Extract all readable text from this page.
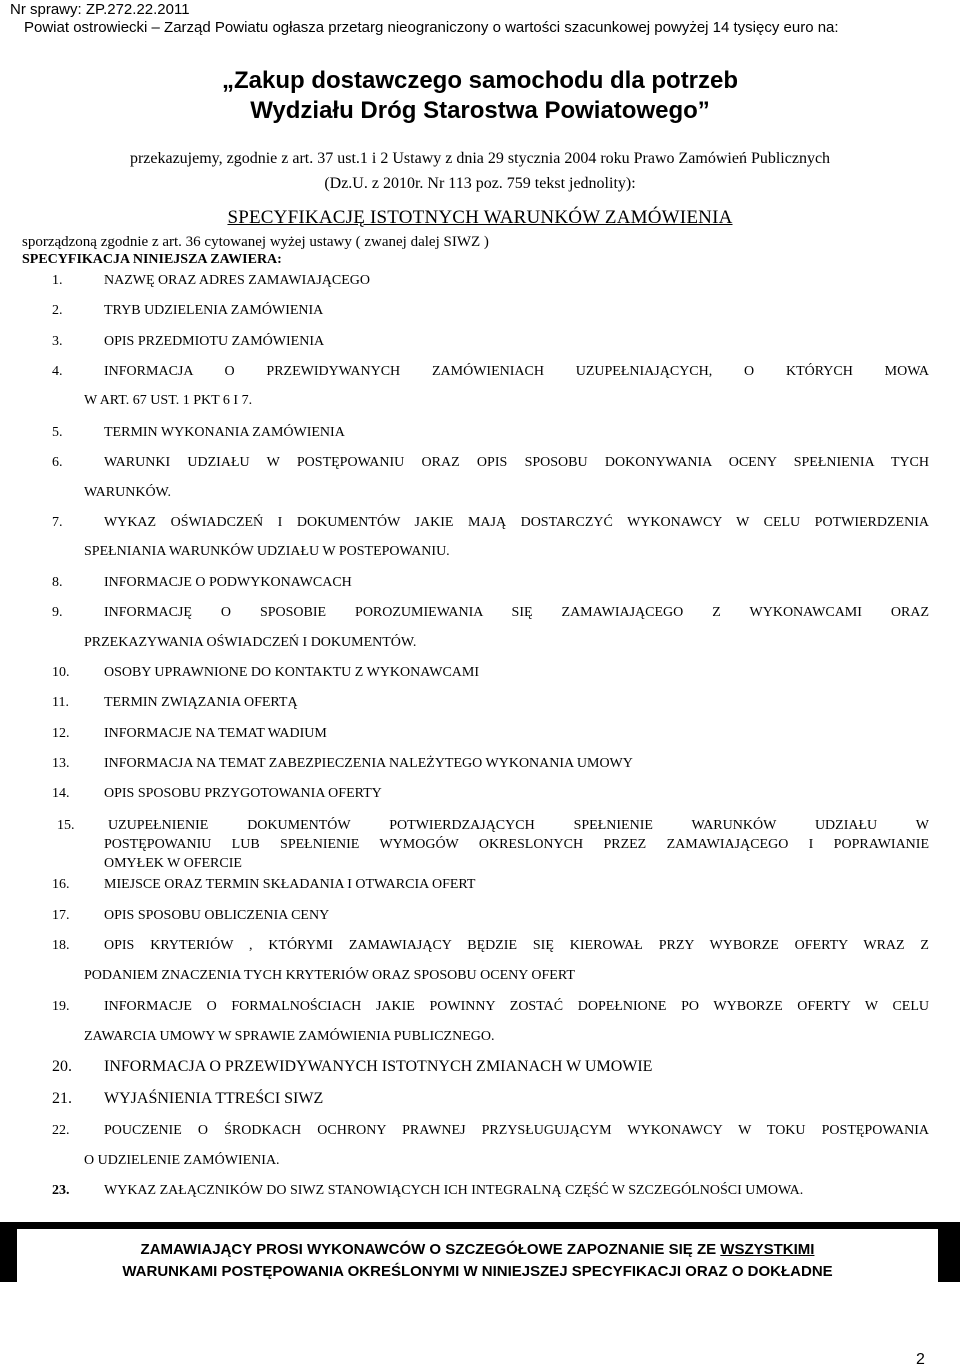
Nr sprawy: ZP.272.22.2011
Powiat ostrowiecki – Zarząd Powiatu ogłasza przetarg nieograniczony o wartości szacunkowej powyżej 14 tysięcy euro na:
„Zakup dostawczego samochodu dla potrzeb
Wydziału Dróg Starostwa Powiatowego”
przekazujemy, zgodnie z art. 37 ust.1 i 2 Ustawy z dnia 29 stycznia 2004 roku Prawo Zamówień Publicznych
(Dz.U. z 2010r. Nr 113 poz. 759 tekst jednolity):
SPECYFIKACJĘ ISTOTNYCH WARUNKÓW ZAMÓWIENIA
sporządzoną zgodnie z art. 36 cytowanej wyżej ustawy ( zwanej dalej SIWZ )
SPECYFIKACJA NINIEJSZA ZAWIERA:
1.	NAZWĘ ORAZ ADRES ZAMAWIAJĄCEGO
2.	TRYB UDZIELENIA ZAMÓWIENIA
3.	OPIS PRZEDMIOTU ZAMÓWIENIA
4.	INFORMACJA O PRZEWIDYWANYCH ZAMÓWIENIACH UZUPEŁNIAJĄCYCH, O KTÓRYCH MOWA
W ART. 67 UST. 1 PKT 6 I 7.
5.	TERMIN WYKONANIA ZAMÓWIENIA
6.	WARUNKI UDZIAŁU W POSTĘPOWANIU ORAZ OPIS SPOSOBU DOKONYWANIA OCENY SPEŁNIENIA TYCH
WARUNKÓW.
7.	WYKAZ OŚWIADCZEŃ I DOKUMENTÓW JAKIE MAJĄ DOSTARCZYĆ WYKONAWCY W CELU POTWIERDZENIA
SPEŁNIANIA WARUNKÓW UDZIAŁU W POSTEPOWANIU.
8.	INFORMACJE O PODWYKONAWCACH
9.	INFORMACJĘ O SPOSOBIE POROZUMIEWANIA SIĘ ZAMAWIAJĄCEGO Z WYKONAWCAMI ORAZ
PRZEKAZYWANIA OŚWIADCZEŃ I DOKUMENTÓW.
10. OSOBY UPRAWNIONE DO KONTAKTU Z WYKONAWCAMI
11.	TERMIN ZWIĄZANIA OFERTĄ
12. INFORMACJE NA TEMAT WADIUM
13. INFORMACJA NA TEMAT ZABEZPIECZENIA NALEŻYTEGO WYKONANIA UMOWY
14. OPIS SPOSOBU PRZYGOTOWANIA OFERTY
15. UZUPEŁNIENIE DOKUMENTÓW POTWIERDZAJĄCYCH SPEŁNIENIE WARUNKÓW UDZIAŁU W
POSTĘPOWANIU LUB SPEŁNIENIE WYMOGÓW OKRESLONYCH PRZEZ ZAMAWIAJĄCEGO I POPRAWIANIE
OMYŁEK W OFERCIE
16. MIEJSCE ORAZ TERMIN SKŁADANIA I OTWARCIA OFERT
17. OPIS SPOSOBU OBLICZENIA CENY
18. OPIS KRYTERIÓW , KTÓRYMI ZAMAWIAJĄCY BĘDZIE SIĘ KIEROWAŁ PRZY WYBORZE OFERTY WRAZ Z
PODANIEM ZNACZENIA TYCH KRYTERIÓW ORAZ SPOSOBU OCENY OFERT
19. INFORMACJE O FORMALNOŚCIACH JAKIE POWINNY ZOSTAĆ DOPEŁNIONE PO WYBORZE OFERTY W CELU
ZAWARCIA UMOWY W SPRAWIE ZAMÓWIENIA PUBLICZNEGO.
20. INFORMACJA O PRZEWIDYWANYCH ISTOTNYCH ZMIANACH W UMOWIE
21. WYJAŚNIENIA TTREŚCI SIWZ
22. POUCZENIE O ŚRODKACH OCHRONY PRAWNEJ PRZYSŁUGUJĄCYM WYKONAWCY W TOKU POSTĘPOWANIA
O UDZIELENIE ZAMÓWIENIA.
23. WYKAZ ZAŁĄCZNIKÓW DO SIWZ STANOWIĄCYCH ICH INTEGRALNĄ CZĘŚĆ W SZCZEGÓLNOŚCI UMOWA.
ZAMAWIAJĄCY PROSI WYKONAWCÓW O SZCZEGÓŁOWE ZAPOZNANIE SIĘ ZE WSZYSTKIMI
WARUNKAMI POSTĘPOWANIA OKREŚLONYMI W NINIEJSZEJ SPECYFIKACJI ORAZ O DOKŁADNE
2
